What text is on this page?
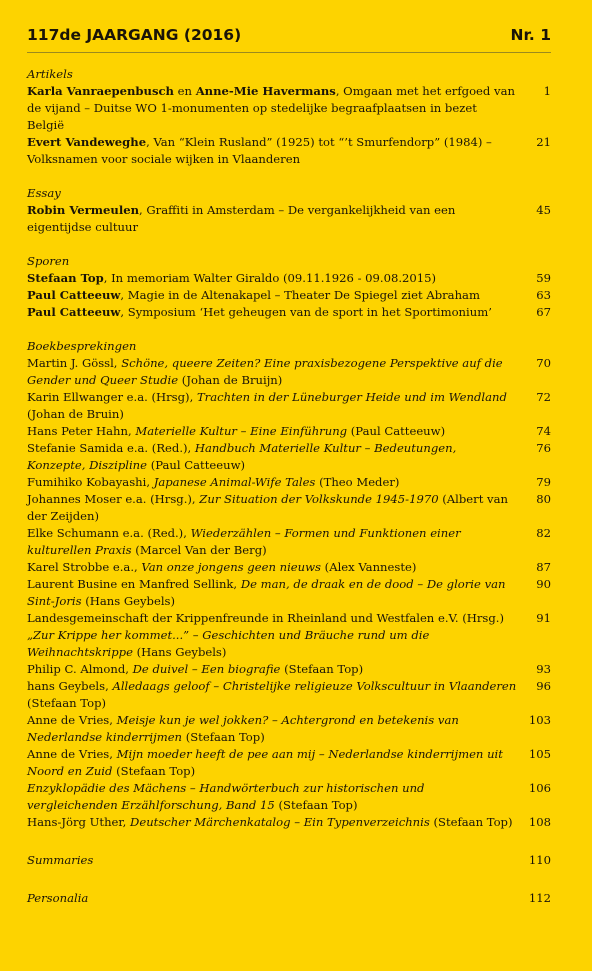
117de JAARGANG (2016)	Nr. 1
Artikels
Karla Vanraepenbusch en Anne-Mie Havermans, Omgaan met het erfgoed van de vijand – Duitse WO 1-monumenten op stedelijke begraafplaatsen in bezet België
1
Evert Vandeweghe, Van “Klein Rusland” (1925) tot “’t Smurfendorp” (1984) – Volksnamen voor sociale wijken in Vlaanderen
21
Essay
Robin Vermeulen, Graffiti in Amsterdam – De vergankelijkheid van een eigentijdse cultuur
45
Sporen
Stefaan Top, In memoriam Walter Giraldo (09.11.1926 - 09.08.2015)	59
Paul Catteeuw, Magie in de Altenakapel – Theater De Spiegel ziet Abraham	63
Paul Catteeuw, Symposium ‘Het geheugen van de sport in het Sportimonium’	67
Boekbesprekingen
Martin J. Gössl, Schöne, queere Zeiten? Eine praxisbezogene Perspektive auf die Gender und Queer Studie (Johan de Bruijn)
70
Karin Ellwanger e.a. (Hrsg), Trachten in der Lüneburger Heide und im Wendland (Johan de Bruin)
72
Hans Peter Hahn, Materielle Kultur – Eine Einführung (Paul Catteeuw)	74
Stefanie Samida e.a. (Red.), Handbuch Materielle Kultur – Bedeutungen, Konzepte, Diszipline (Paul Catteeuw)
76
Fumihiko Kobayashi, Japanese Animal-Wife Tales (Theo Meder)	79
Johannes Moser e.a. (Hrsg.), Zur Situation der Volkskunde 1945-1970 (Albert van der Zeijden)
80
Elke Schumann e.a. (Red.), Wiederzählen – Formen und Funktionen einer kulturellen Praxis (Marcel Van der Berg)
82
Karel Strobbe e.a., Van onze jongens geen nieuws (Alex Vanneste)	87
Laurent Busine en Manfred Sellink, De man, de draak en de dood – De glorie van Sint-Joris (Hans Geybels)
90
Landesgemeinschaft der Krippenfreunde in Rheinland und Westfalen e.V. (Hrsg.) „Zur Krippe her kommet...” – Geschichten und Bräuche rund um die Weihnachtskrippe (Hans Geybels)
91
Philip C. Almond, De duivel – Een biografie (Stefaan Top)	93
hans Geybels, Alledaags geloof – Christelijke religieuze Volkscultuur in Vlaanderen (Stefaan Top)
96
Anne de Vries, Meisje kun je wel jokken? – Achtergrond en betekenis van Nederlandse kinderrijmen (Stefaan Top)
103
Anne de Vries, Mijn moeder heeft de pee aan mij – Nederlandse kinderrijmen uit Noord en Zuid (Stefaan Top)
105
Enzyklopädie des Mächens – Handwörterbuch zur historischen und vergleichenden Erzählforschung, Band 15 (Stefaan Top)
106
Hans-Jörg Uther, Deutscher Märchenkatalog – Ein Typenverzeichnis (Stefaan Top)	108
Summaries	110
Personalia	112
